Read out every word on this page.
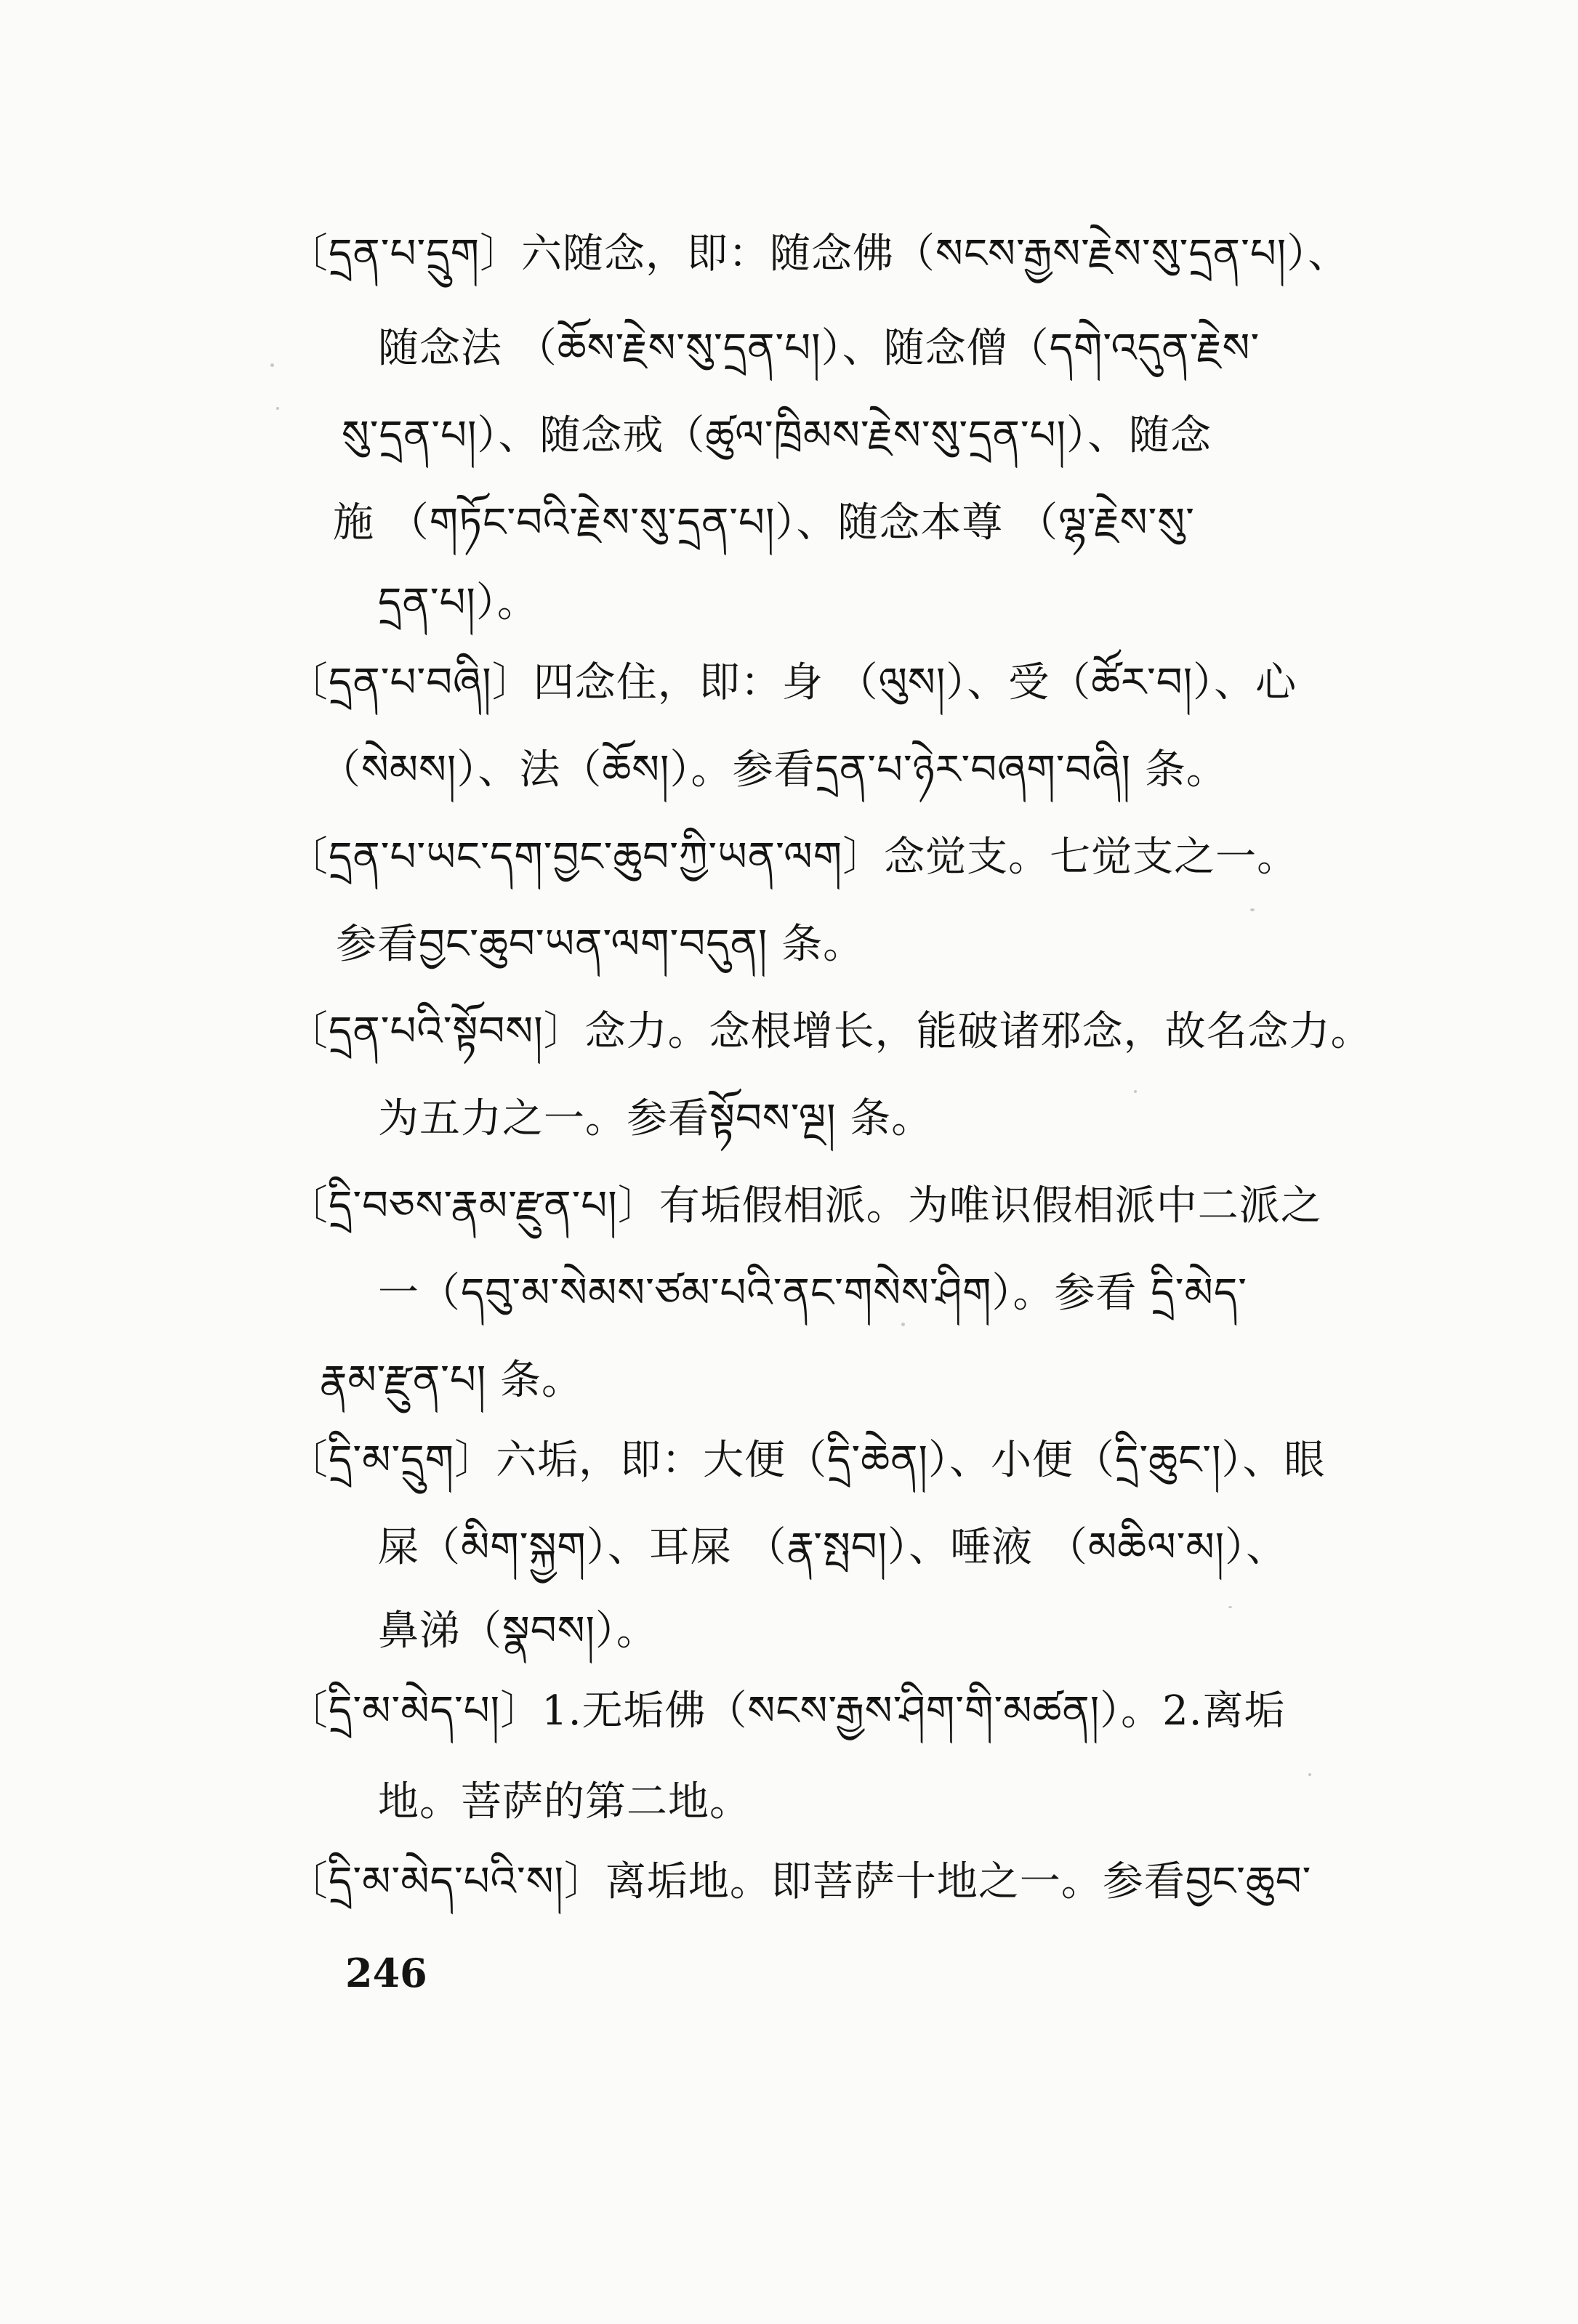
〔དྲན་པ་དྲུག〕六随念，即：随念佛（སངས་རྒྱས་རྗེས་སུ་དྲན་པ།）、
随念法 （ཆོས་རྗེས་སུ་དྲན་པ།）、随念僧（དགེ་འདུན་རྗེས་
སུ་དྲན་པ།）、随念戒（ཚུལ་ཁྲིམས་རྗེས་སུ་དྲན་པ།）、随念
施 （གཏོང་བའི་རྗེས་སུ་དྲན་པ།）、随念本尊 （ལྷ་རྗེས་སུ་
དྲན་པ།）。
〔དྲན་པ་བཞི།〕四念住，即：身 （ལུས།）、受（ཚོར་བ།）、心
（སེམས།）、法（ཆོས།）。参看དྲན་པ་ཉེར་བཞག་བཞི། 条。
〔དྲན་པ་ཡང་དག་བྱང་ཆུབ་ཀྱི་ཡན་ལག〕念觉支。七觉支之一。
参看བྱང་ཆུབ་ཡན་ལག་བདུན། 条。
〔དྲན་པའི་སྟོབས།〕念力。念根增长，能破诸邪念，故名念力。
为五力之一。参看སྟོབས་ལྔ། 条。
〔དྲི་བཅས་རྣམ་རྫུན་པ།〕有垢假相派。为唯识假相派中二派之
一（དབུ་མ་སེམས་ཙམ་པའི་ནང་གསེས་ཤིག）。参看 དྲི་མེད་
རྣམ་རྫུན་པ། 条。
〔དྲི་མ་དྲུག〕六垢，即：大便（དྲི་ཆེན།）、小便（དྲི་ཆུང་།）、眼
屎（མིག་སྐྱག）、耳屎 （རྣ་སྤབ།）、唾液 （མཆིལ་མ།）、
鼻涕（སྣབས།）。
〔དྲི་མ་མེད་པ།〕1.无垢佛（སངས་རྒྱས་ཤིག་གི་མཚན།）。2.离垢
地。菩萨的第二地。
〔དྲི་མ་མེད་པའི་ས།〕离垢地。即菩萨十地之一。参看བྱང་ཆུབ་
246
